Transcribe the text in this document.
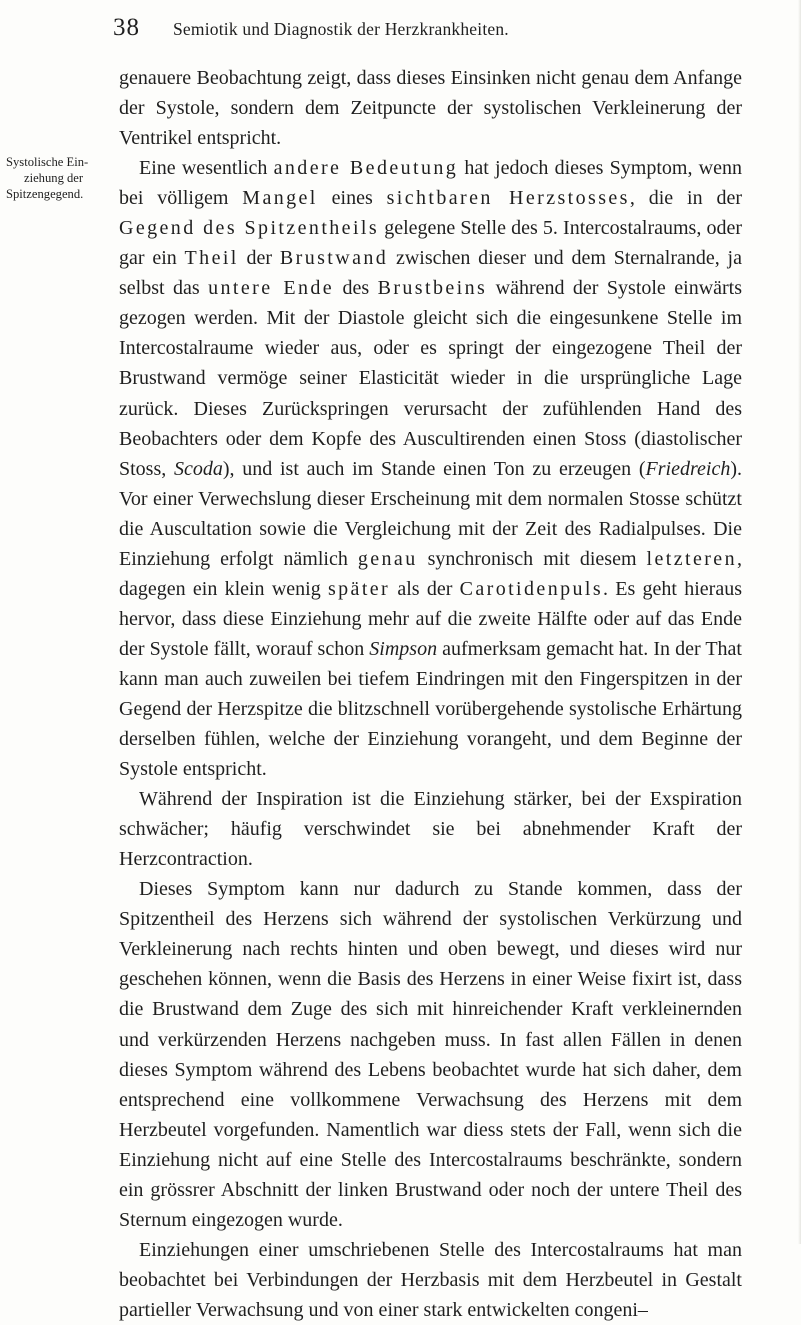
38 Semiotik und Diagnostik der Herzkrankheiten.
Systolische Ein-
ziehung der
Spitzengegend.

genauere Beobachtung zeigt, dass dieses Einsinken nicht genau dem Anfange der Systole, sondern dem Zeitpuncte der systolischen Verkleinerung der Ventrikel entspricht.

Eine wesentlich andere Bedeutung hat jedoch dieses Symptom, wenn bei völligem Mangel eines sichtbaren Herzstosses, die in der Gegend des Spitzentheils gelegene Stelle des 5. Intercostalraums, oder gar ein Theil der Brustwand zwischen dieser und dem Sternalrande, ja selbst das untere Ende des Brustbeins während der Systole einwärts gezogen werden. Mit der Diastole gleicht sich die eingesunkene Stelle im Intercostalraume wieder aus, oder es springt der eingezogene Theil der Brustwand vermöge seiner Elasticität wieder in die ursprüngliche Lage zurück. Dieses Zurückspringen verursacht der zufühlenden Hand des Beobachters oder dem Kopfe des Auscultirenden einen Stoss (diastolischer Stoss, Scoda), und ist auch im Stande einen Ton zu erzeugen (Friedreich). Vor einer Verwechslung dieser Erscheinung mit dem normalen Stosse schützt die Auscultation sowie die Vergleichung mit der Zeit des Radialpulses. Die Einziehung erfolgt nämlich genau synchronisch mit diesem letzteren, dagegen ein klein wenig später als der Carotidenpuls. Es geht hieraus hervor, dass diese Einziehung mehr auf die zweite Hälfte oder auf das Ende der Systole fällt, worauf schon Simpson aufmerksam gemacht hat. In der That kann man auch zuweilen bei tiefem Eindringen mit den Fingerspitzen in der Gegend der Herzspitze die blitzschnell vorübergehende systolische Erhärtung derselben fühlen, welche der Einziehung vorangeht, und dem Beginne der Systole entspricht.

Während der Inspiration ist die Einziehung stärker, bei der Exspiration schwächer; häufig verschwindet sie bei abnehmender Kraft der Herzcontraction.

Dieses Symptom kann nur dadurch zu Stande kommen, dass der Spitzentheil des Herzens sich während der systolischen Verkürzung und Verkleinerung nach rechts hinten und oben bewegt, und dieses wird nur geschehen können, wenn die Basis des Herzens in einer Weise fixirt ist, dass die Brustwand dem Zuge des sich mit hinreichender Kraft verkleinernden und verkürzenden Herzens nachgeben muss. In fast allen Fällen in denen dieses Symptom während des Lebens beobachtet wurde hat sich daher, dem entsprechend eine vollkommene Verwachsung des Herzens mit dem Herzbeutel vorgefunden. Namentlich war diess stets der Fall, wenn sich die Einziehung nicht auf eine Stelle des Intercostalraums beschränkte, sondern ein grössrer Abschnitt der linken Brustwand oder noch der untere Theil des Sternum eingezogen wurde.

Einziehungen einer umschriebenen Stelle des Intercostalraums hat man beobachtet bei Verbindungen der Herzbasis mit dem Herzbeutel in Gestalt partieller Verwachsung und von einer stark entwickelten congeni–
